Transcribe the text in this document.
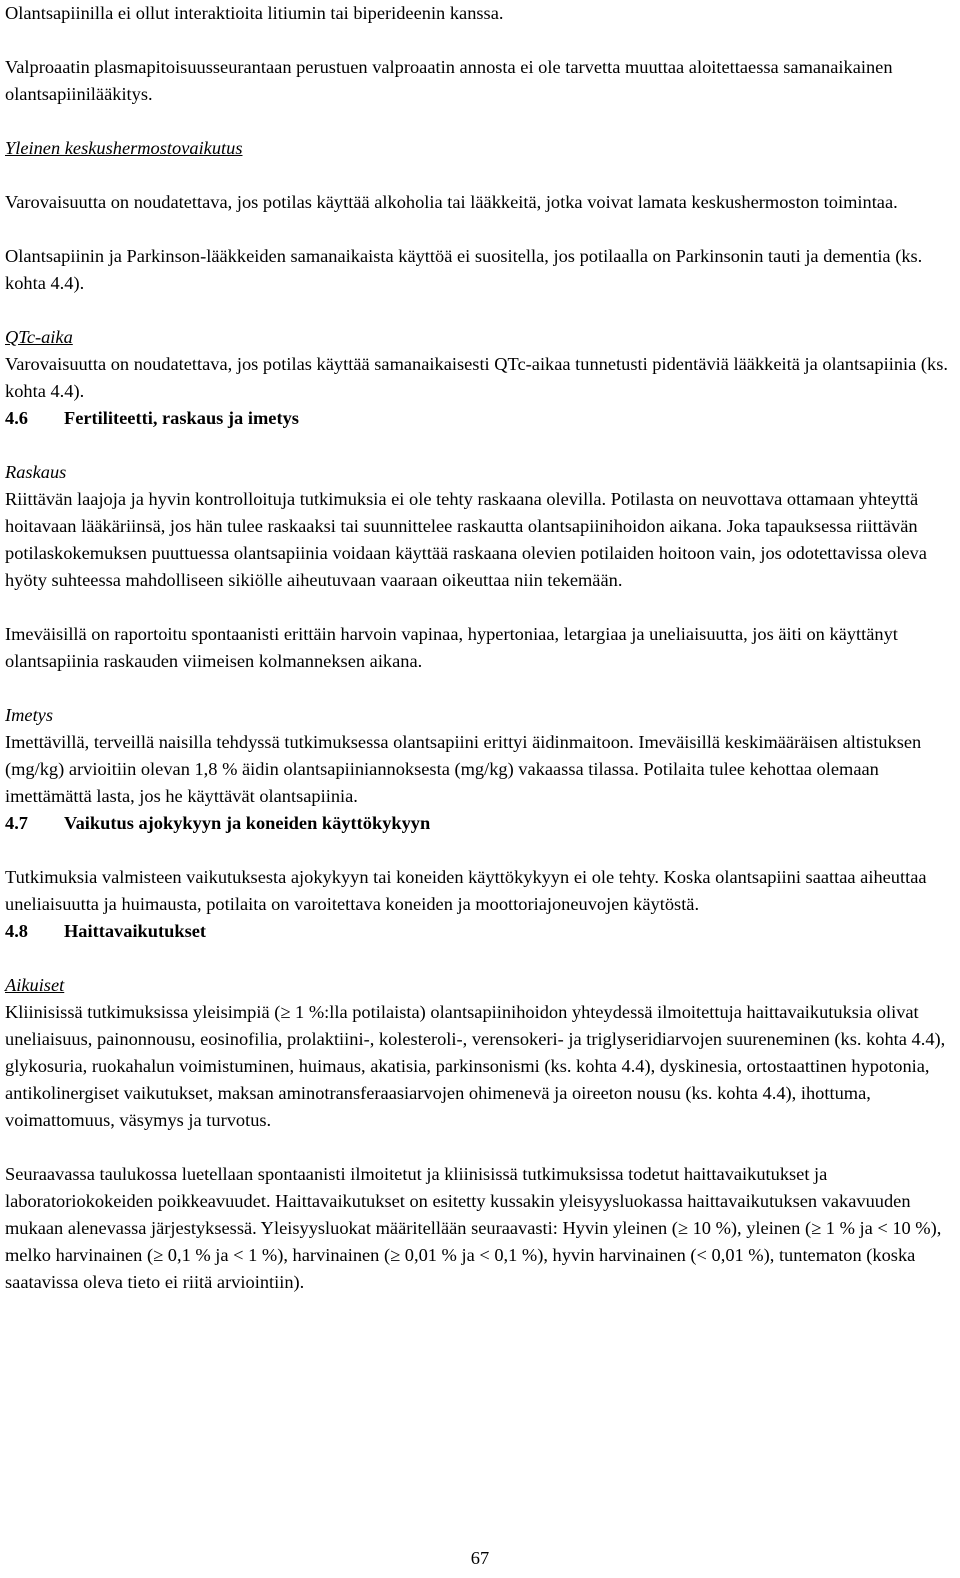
Olantsapiinilla ei ollut interaktioita litiumin tai biperideenin kanssa.

Valproaatin plasmapitoisuusseurantaan perustuen valproaatin annosta ei ole tarvetta muuttaa aloitettaessa samanaikainen olantsapiinilääkitys.

Yleinen keskushermostovaikutus

Varovaisuutta on noudatettava, jos potilas käyttää alkoholia tai lääkkeitä, jotka voivat lamata keskushermoston toimintaa.

Olantsapiinin ja Parkinson-lääkkeiden samanaikaista käyttöä ei suositella, jos potilaalla on Parkinsonin tauti ja dementia (ks. kohta 4.4).

QTc-aika

Varovaisuutta on noudatettava, jos potilas käyttää samanaikaisesti QTc-aikaa tunnetusti pidentäviä lääkkeitä ja olantsapiinia (ks. kohta 4.4).

4.6	Fertiliteetti, raskaus ja imetys

Raskaus

Riittävän laajoja ja hyvin kontrolloituja tutkimuksia ei ole tehty raskaana olevilla. Potilasta on neuvottava ottamaan yhteyttä hoitavaan lääkäriinsä, jos hän tulee raskaaksi tai suunnittelee raskautta olantsapiinihoidon aikana. Joka tapauksessa riittävän potilaskokemuksen puuttuessa olantsapiinia voidaan käyttää raskaana olevien potilaiden hoitoon vain, jos odotettavissa oleva hyöty suhteessa mahdolliseen sikiölle aiheutuvaan vaaraan oikeuttaa niin tekemään.

Imeväisillä on raportoitu spontaanisti erittäin harvoin vapinaa, hypertoniaa, letargiaa ja uneliaisuutta, jos äiti on käyttänyt olantsapiinia raskauden viimeisen kolmanneksen aikana.

Imetys

Imettävillä, terveillä naisilla tehdyssä tutkimuksessa olantsapiini erittyi äidinmaitoon. Imeväisillä keskimääräisen altistuksen (mg/kg) arvioitiin olevan 1,8 % äidin olantsapiiniannoksesta (mg/kg) vakaassa tilassa. Potilaita tulee kehottaa olemaan imettämättä lasta, jos he käyttävät olantsapiinia.

4.7	Vaikutus ajokykyyn ja koneiden käyttökykyyn

Tutkimuksia valmisteen vaikutuksesta ajokykyyn tai koneiden käyttökykyyn ei ole tehty. Koska olantsapiini saattaa aiheuttaa uneliaisuutta ja huimausta, potilaita on varoitettava koneiden ja moottoriajoneuvojen käytöstä.

4.8	Haittavaikutukset

Aikuiset

Kliinisissä tutkimuksissa yleisimpiä (≥ 1 %:lla potilaista) olantsapiinihoidon yhteydessä ilmoitettuja haittavaikutuksia olivat uneliaisuus, painonnousu, eosinofilia, prolaktiini-, kolesteroli-, verensokeri- ja triglyseridiarvojen suureneminen (ks. kohta 4.4), glykosuria, ruokahalun voimistuminen, huimaus, akatisia, parkinsonismi (ks. kohta 4.4), dyskinesia, ortostaattinen hypotonia, antikolinergiset vaikutukset, maksan aminotransferaasiarvojen ohimenevä ja oireeton nousu (ks. kohta 4.4), ihottuma, voimattomuus, väsymys ja turvotus.

Seuraavassa taulukossa luetellaan spontaanisti ilmoitetut ja kliinisissä tutkimuksissa todetut haittavaikutukset ja laboratoriokokeiden poikkeavuudet. Haittavaikutukset on esitetty kussakin yleisyysluokassa haittavaikutuksen vakavuuden mukaan alenevassa järjestyksessä. Yleisyysluokat määritellään seuraavasti: Hyvin yleinen (≥ 10 %), yleinen (≥ 1 % ja < 10 %), melko harvinainen (≥ 0,1 % ja < 1 %), harvinainen (≥ 0,01 % ja < 0,1 %), hyvin harvinainen (< 0,01 %), tuntematon (koska saatavissa oleva tieto ei riitä arviointiin).

67
